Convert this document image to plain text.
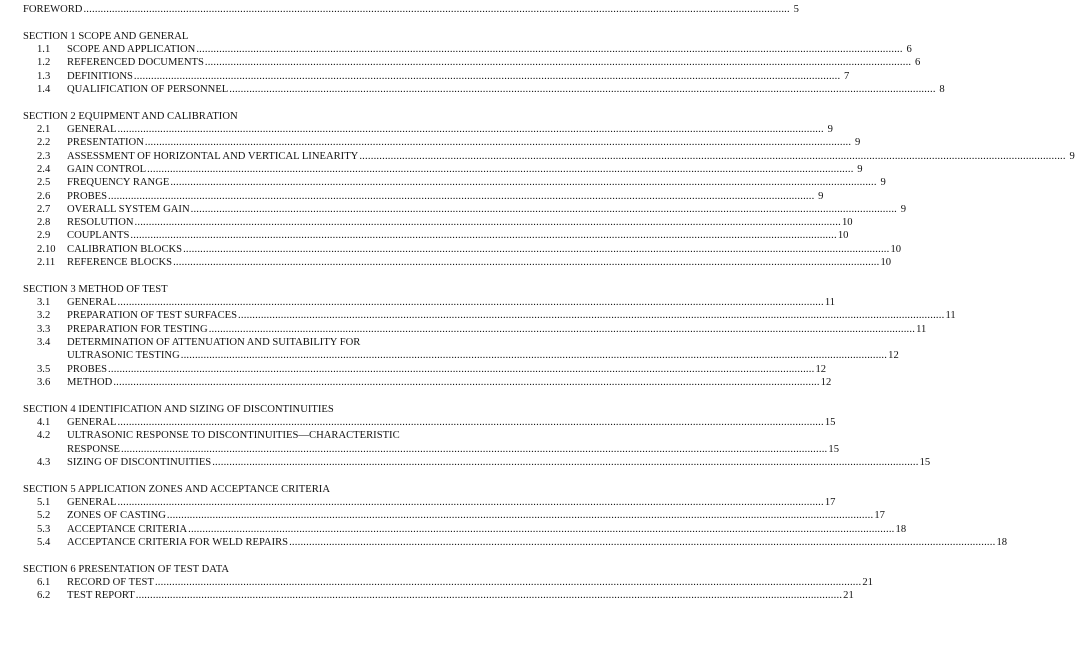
FOREWORD .....	5
SECTION 1 SCOPE AND GENERAL
1.1	SCOPE AND APPLICATION .....	6
1.2	REFERENCED DOCUMENTS .....	6
1.3	DEFINITIONS .....	7
1.4	QUALIFICATION OF PERSONNEL .....	8
SECTION 2 EQUIPMENT AND CALIBRATION
2.1	GENERAL .....	9
2.2	PRESENTATION .....	9
2.3	ASSESSMENT OF HORIZONTAL AND VERTICAL LINEARITY .....	9
2.4	GAIN CONTROL .....	9
2.5	FREQUENCY RANGE .....	9
2.6	PROBES .....	9
2.7	OVERALL SYSTEM GAIN .....	9
2.8	RESOLUTION .....	10
2.9	COUPLANTS .....	10
2.10	CALIBRATION BLOCKS .....	10
2.11	REFERENCE BLOCKS .....	10
SECTION 3 METHOD OF TEST
3.1	GENERAL .....	11
3.2	PREPARATION OF TEST SURFACES .....	11
3.3	PREPARATION FOR TESTING .....	11
3.4	DETERMINATION OF ATTENUATION AND SUITABILITY FOR
ULTRASONIC TESTING .....	12
3.5	PROBES .....	12
3.6	METHOD .....	12
SECTION 4 IDENTIFICATION AND SIZING OF DISCONTINUITIES
4.1	GENERAL .....	15
4.2	ULTRASONIC RESPONSE TO DISCONTINUITIES—CHARACTERISTIC
RESPONSE .....	15
4.3	SIZING OF DISCONTINUITIES .....	15
SECTION 5 APPLICATION ZONES AND ACCEPTANCE CRITERIA
5.1	GENERAL .....	17
5.2	ZONES OF CASTING .....	17
5.3	ACCEPTANCE CRITERIA .....	18
5.4	ACCEPTANCE CRITERIA FOR WELD REPAIRS .....	18
SECTION 6 PRESENTATION OF TEST DATA
6.1	RECORD OF TEST .....	21
6.2	TEST REPORT .....	21
